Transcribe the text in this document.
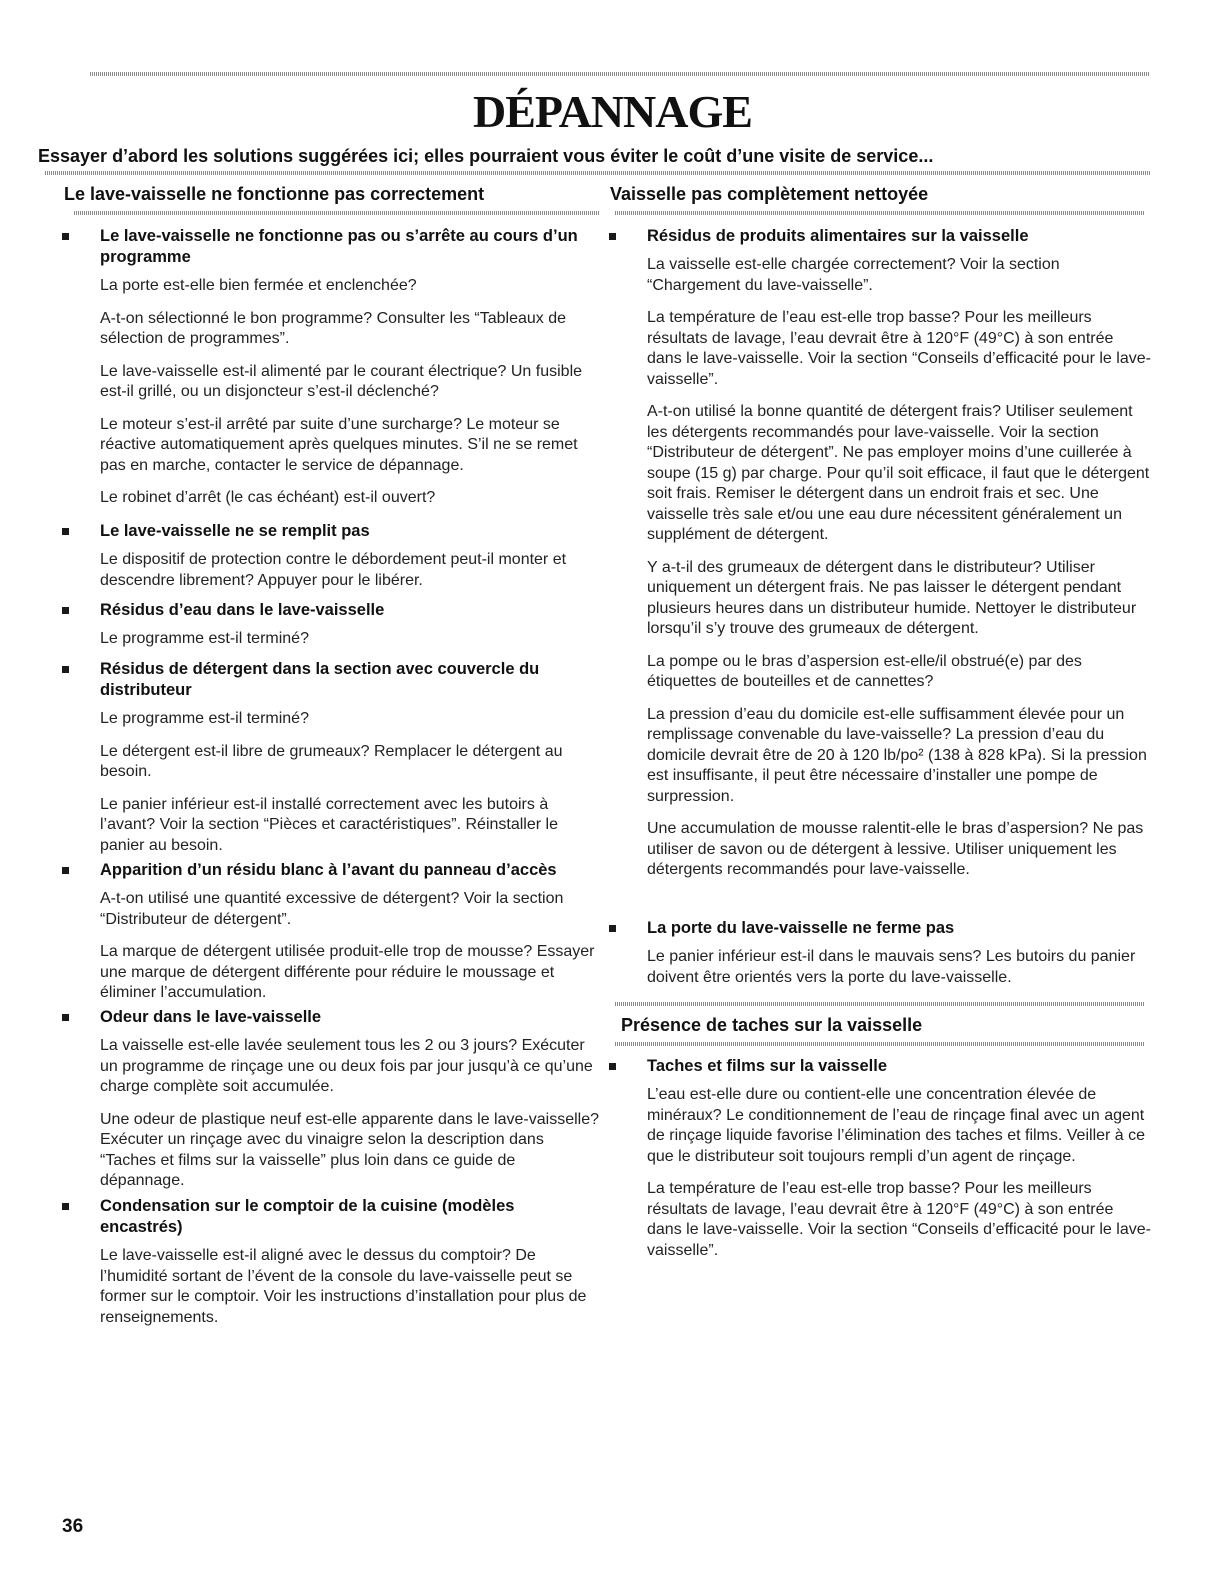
DÉPANNAGE

Essayer d’abord les solutions suggérées ici; elles pourraient vous éviter le coût d’une visite de service...

Le lave-vaisselle ne fonctionne pas correctement
Le lave-vaisselle ne fonctionne pas ou s’arrête au cours d’un programme

La porte est-elle bien fermée et enclenchée?

A-t-on sélectionné le bon programme? Consulter les “Tableaux de sélection de programmes”.

Le lave-vaisselle est-il alimenté par le courant électrique? Un fusible est-il grillé, ou un disjoncteur s’est-il déclenché?

Le moteur s’est-il arrêté par suite d’une surcharge? Le moteur se réactive automatiquement après quelques minutes. S’il ne se remet pas en marche, contacter le service de dépannage.

Le robinet d’arrêt (le cas échéant) est-il ouvert?

Le lave-vaisselle ne se remplit pas

Le dispositif de protection contre le débordement peut-il monter et descendre librement? Appuyer pour le libérer.

Résidus d’eau dans le lave-vaisselle

Le programme est-il terminé?

Résidus de détergent dans la section avec couvercle du distributeur

Le programme est-il terminé?

Le détergent est-il libre de grumeaux? Remplacer le détergent au besoin.

Le panier inférieur est-il installé correctement avec les butoirs à l’avant? Voir la section “Pièces et caractéristiques”. Réinstaller le panier au besoin.

Apparition d’un résidu blanc à l’avant du panneau d’accès

A-t-on utilisé une quantité excessive de détergent? Voir la section “Distributeur de détergent”.

La marque de détergent utilisée produit-elle trop de mousse? Essayer une marque de détergent différente pour réduire le moussage et éliminer l’accumulation.

Odeur dans le lave-vaisselle

La vaisselle est-elle lavée seulement tous les 2 ou 3 jours? Exécuter un programme de rinçage une ou deux fois par jour jusqu’à ce qu’une charge complète soit accumulée.

Une odeur de plastique neuf est-elle apparente dans le lave-vaisselle? Exécuter un rinçage avec du vinaigre selon la description dans “Taches et films sur la vaisselle” plus loin dans ce guide de dépannage.

Condensation sur le comptoir de la cuisine (modèles encastrés)

Le lave-vaisselle est-il aligné avec le dessus du comptoir? De l’humidité sortant de l’évent de la console du lave-vaisselle peut se former sur le comptoir. Voir les instructions d’installation pour plus de renseignements.

Vaisselle pas complètement nettoyée
Résidus de produits alimentaires sur la vaisselle

La vaisselle est-elle chargée correctement? Voir la section “Chargement du lave-vaisselle”.

La température de l’eau est-elle trop basse? Pour les meilleurs résultats de lavage, l’eau devrait être à 120°F (49°C) à son entrée dans le lave-vaisselle. Voir la section “Conseils d’efficacité pour le lave-vaisselle”.

A-t-on utilisé la bonne quantité de détergent frais? Utiliser seulement les détergents recommandés pour lave-vaisselle. Voir la section “Distributeur de détergent”. Ne pas employer moins d’une cuillerée à soupe (15 g) par charge. Pour qu’il soit efficace, il faut que le détergent soit frais. Remiser le détergent dans un endroit frais et sec. Une vaisselle très sale et/ou une eau dure nécessitent généralement un supplément de détergent.

Y a-t-il des grumeaux de détergent dans le distributeur? Utiliser uniquement un détergent frais. Ne pas laisser le détergent pendant plusieurs heures dans un distributeur humide. Nettoyer le distributeur lorsqu’il s’y trouve des grumeaux de détergent.

La pompe ou le bras d’aspersion est-elle/il obstrué(e) par des étiquettes de bouteilles et de cannettes?

La pression d’eau du domicile est-elle suffisamment élevée pour un remplissage convenable du lave-vaisselle? La pression d’eau du domicile devrait être de 20 à 120 lb/po² (138 à 828 kPa). Si la pression est insuffisante, il peut être nécessaire d’installer une pompe de surpression.

Une accumulation de mousse ralentit-elle le bras d’aspersion? Ne pas utiliser de savon ou de détergent à lessive. Utiliser uniquement les détergents recommandés pour lave-vaisselle.

La porte du lave-vaisselle ne ferme pas

Le panier inférieur est-il dans le mauvais sens? Les butoirs du panier doivent être orientés vers la porte du lave-vaisselle.

Présence de taches sur la vaisselle
Taches et films sur la vaisselle

L’eau est-elle dure ou contient-elle une concentration élevée de minéraux? Le conditionnement de l’eau de rinçage final avec un agent de rinçage liquide favorise l’élimination des taches et films. Veiller à ce que le distributeur soit toujours rempli d’un agent de rinçage.

La température de l’eau est-elle trop basse? Pour les meilleurs résultats de lavage, l’eau devrait être à 120°F (49°C) à son entrée dans le lave-vaisselle. Voir la section “Conseils d’efficacité pour le lave-vaisselle”.

36
